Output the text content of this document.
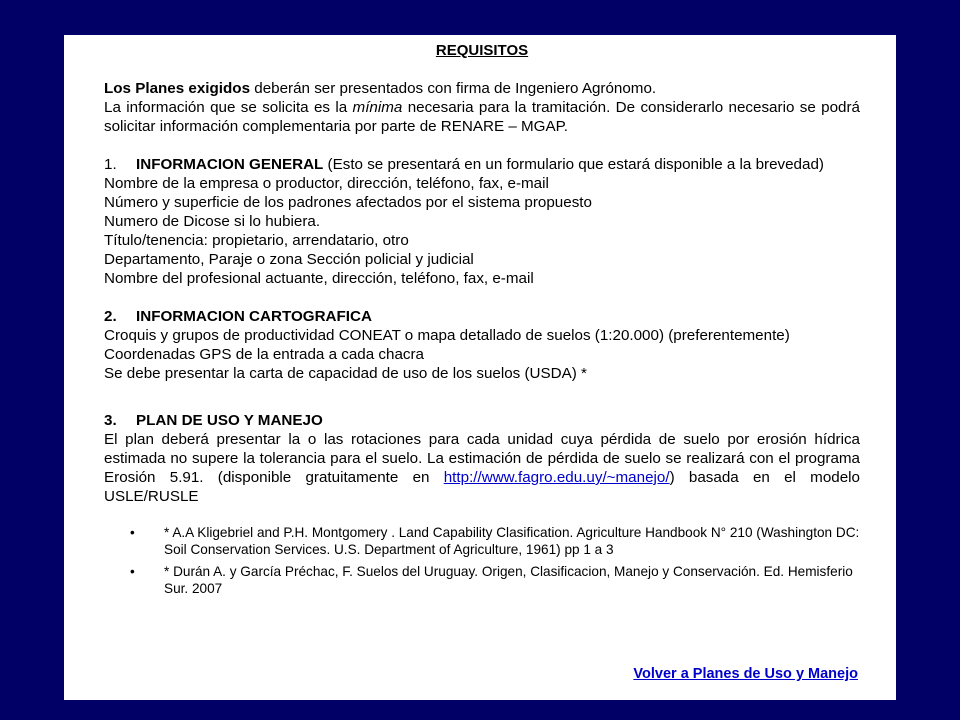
REQUISITOS

Los Planes exigidos deberán ser presentados con firma de Ingeniero Agrónomo.

La información que se solicita es la mínima necesaria para la tramitación. De considerarlo necesario se podrá solicitar información complementaria por parte de RENARE – MGAP.

1.	INFORMACION GENERAL (Esto se presentará en un formulario que estará disponible a la brevedad)

Nombre de la empresa o productor, dirección, teléfono, fax, e-mail

Número y superficie de los padrones afectados por el sistema propuesto

Numero de Dicose si lo hubiera.

Título/tenencia: propietario, arrendatario, otro

Departamento, Paraje o zona Sección policial y judicial

Nombre del profesional actuante, dirección, teléfono, fax, e-mail

2.	INFORMACION CARTOGRAFICA

Croquis y grupos de productividad CONEAT o mapa detallado de suelos (1:20.000) (preferentemente)

Coordenadas GPS de la entrada a cada chacra

Se debe presentar la carta de capacidad de uso de los suelos (USDA) *

3.	PLAN DE USO Y MANEJO

El plan deberá presentar la o las rotaciones para cada unidad cuya pérdida de suelo por erosión hídrica estimada no supere la tolerancia para el suelo. La estimación de pérdida de suelo se realizará con el programa Erosión 5.91. (disponible gratuitamente en http://www.fagro.edu.uy/~manejo/) basada en el modelo USLE/RUSLE

•	* A.A Kligebriel and P.H. Montgomery . Land Capability Clasification. Agriculture Handbook N° 210 (Washington DC: Soil Conservation Services. U.S. Department of Agriculture, 1961) pp 1 a 3
•	* Durán A. y García Préchac, F. Suelos del Uruguay. Origen, Clasificacion, Manejo y Conservación. Ed. Hemisferio Sur. 2007
Volver a Planes de Uso y Manejo
